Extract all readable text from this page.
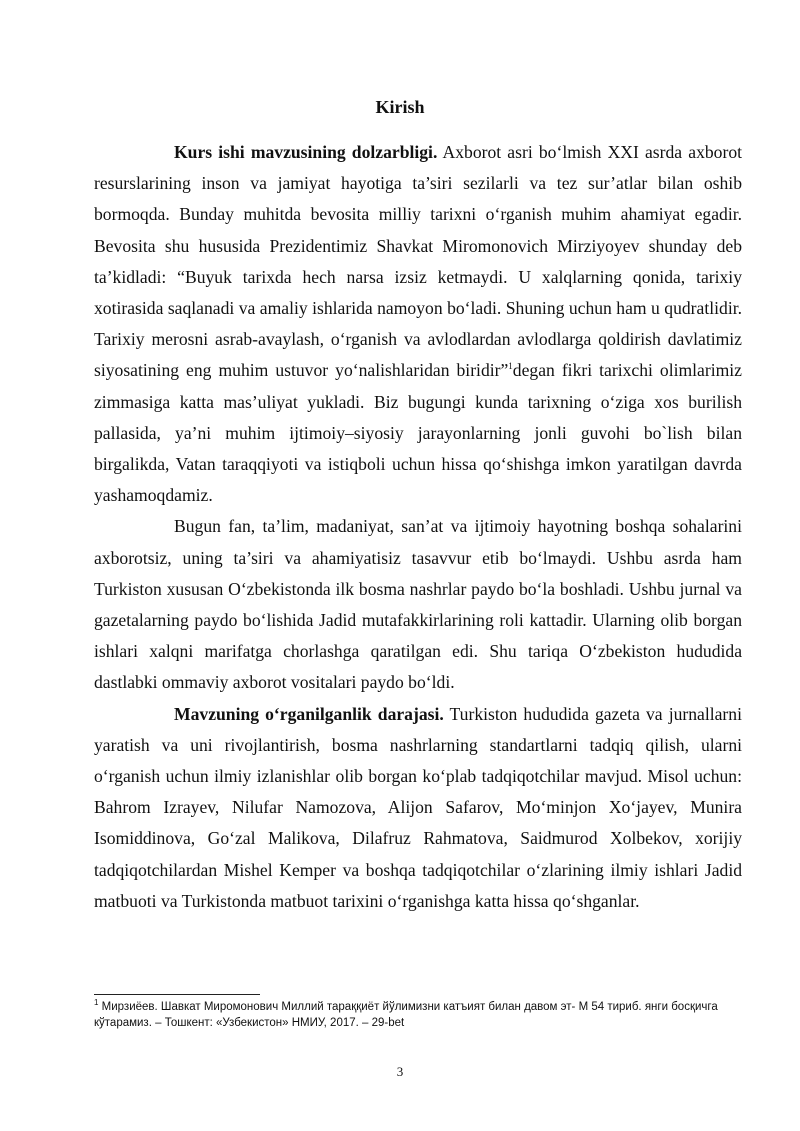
Kirish

Kurs ishi mavzusining dolzarbligi. Axborot asri bo‘lmish XXI asrda axborot resurslarining inson va jamiyat hayotiga ta’siri sezilarli va tez sur’atlar bilan oshib bormoqda. Bunday muhitda bevosita milliy tarixni o‘rganish muhim ahamiyat egadir. Bevosita shu hususida Prezidentimiz Shavkat Miromonovich Mirziyoyev shunday deb ta’kidladi: “Buyuk tarixda hech narsa izsiz ketmaydi. U xalqlarning qonida, tarixiy xotirasida saqlanadi va amaliy ishlarida namoyon bo‘ladi. Shuning uchun ham u qudratlidir. Tarixiy merosni asrab-avaylash, o‘rganish va avlodlardan avlodlarga qoldirish davlatimiz siyosatining eng muhim ustuvor yo‘nalishlaridan biridir”$^1$degan fikri tarixchi olimlarimiz zimmasiga katta mas’uliyat yukladi. Biz bugungi kunda tarixning o‘ziga xos burilish pallasida, ya’ni muhim ijtimoiy–siyosiy jarayonlarning jonli guvohi bo`lish bilan birgalikda, Vatan taraqqiyoti va istiqboli uchun hissa qo‘shishga imkon yaratilgan davrda yashamoqdamiz.

Bugun fan, ta’lim, madaniyat, san’at va ijtimoiy hayotning boshqa sohalarini axborotsiz, uning ta’siri va ahamiyatisiz tasavvur etib bo‘lmaydi. Ushbu asrda ham Turkiston xususan O‘zbekistonda ilk bosma nashrlar paydo bo‘la boshladi. Ushbu jurnal va gazetalarning paydo bo‘lishida Jadid mutafakkirlarining roli kattadir. Ularning olib borgan ishlari xalqni marifatga chorlashga qaratilgan edi. Shu tariqa O‘zbekiston hududida dastlabki ommaviy axborot vositalari paydo bo‘ldi.

Mavzuning o‘rganilganlik darajasi. Turkiston hududida gazeta va jurnallarni yaratish va uni rivojlantirish, bosma nashrlarning standartlarni tadqiq qilish, ularni o‘rganish uchun ilmiy izlanishlar olib borgan ko‘plab tadqiqotchilar mavjud. Misol uchun: Bahrom Izrayev, Nilufar Namozova, Alijon Safarov, Mo‘minjon Xo‘jayev, Munira Isomiddinova, Go‘zal Malikova, Dilafruz Rahmatova, Saidmurod Xolbekov, xorijiy tadqiqotchilardan Mishel Kemper va boshqa tadqiqotchilar o‘zlarining ilmiy ishlari Jadid matbuoti va Turkistonda matbuot tarixini o‘rganishga katta hissa qo‘shganlar.

$^1$ Мирзиёев. Шавкат Миромонович Миллий тараққиёт йўлимизни катъият билан давом эт- М 54 тириб. янги босқичга кўтарамиз. – Тошкент: «Узбекистон» НМИУ, 2017. – 29-bet
3
